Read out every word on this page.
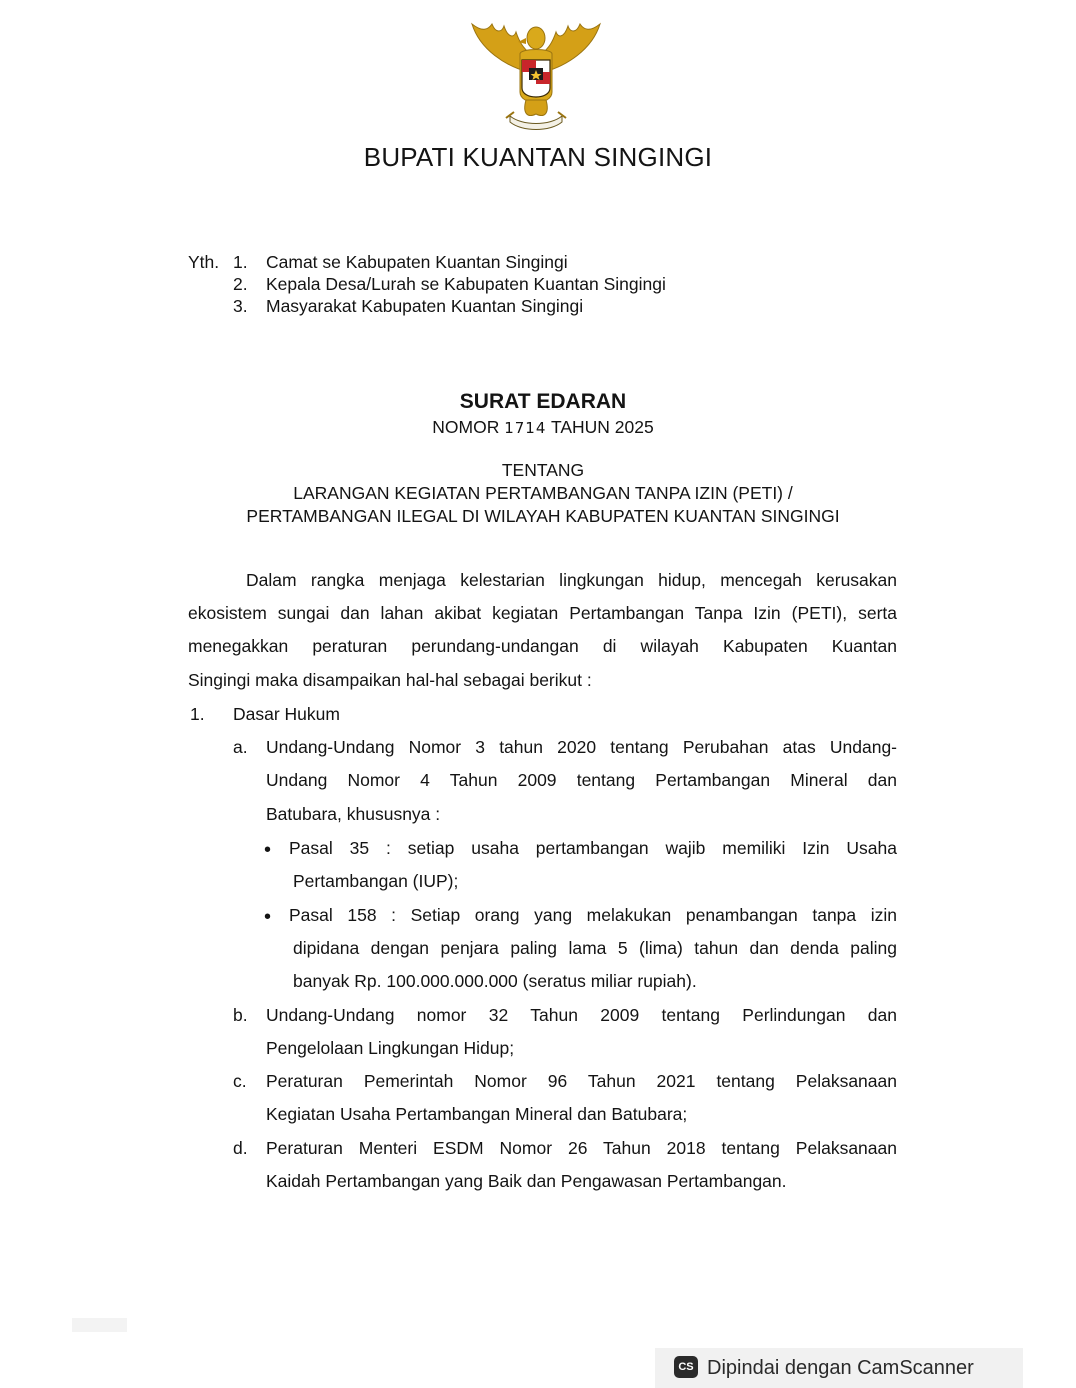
BUPATI KUANTAN SINGINGI
Yth. 1. Camat se Kabupaten Kuantan Singingi
2. Kepala Desa/Lurah se Kabupaten Kuantan Singingi
3. Masyarakat Kabupaten Kuantan Singingi
SURAT EDARAN
NOMOR 1714 TAHUN 2025
TENTANG
LARANGAN KEGIATAN PERTAMBANGAN TANPA IZIN (PETI) /
PERTAMBANGAN ILEGAL DI WILAYAH KABUPATEN KUANTAN SINGINGI
Dalam rangka menjaga kelestarian lingkungan hidup, mencegah kerusakan
ekosistem sungai dan lahan akibat kegiatan Pertambangan Tanpa Izin (PETI), serta
menegakkan peraturan perundang-undangan di wilayah Kabupaten Kuantan
Singingi maka disampaikan hal-hal sebagai berikut :
1. Dasar Hukum
a. Undang-Undang Nomor 3 tahun 2020 tentang Perubahan atas Undang-
Undang Nomor 4 Tahun 2009 tentang Pertambangan Mineral dan
Batubara, khususnya :
• Pasal 35 : setiap usaha pertambangan wajib memiliki Izin Usaha
Pertambangan (IUP);
• Pasal 158 : Setiap orang yang melakukan penambangan tanpa izin
dipidana dengan penjara paling lama 5 (lima) tahun dan denda paling
banyak Rp. 100.000.000.000 (seratus miliar rupiah).
b. Undang-Undang nomor 32 Tahun 2009 tentang Perlindungan dan
Pengelolaan Lingkungan Hidup;
c. Peraturan Pemerintah Nomor 96 Tahun 2021 tentang Pelaksanaan
Kegiatan Usaha Pertambangan Mineral dan Batubara;
d. Peraturan Menteri ESDM Nomor 26 Tahun 2018 tentang Pelaksanaan
Kaidah Pertambangan yang Baik dan Pengawasan Pertambangan.
CS Dipindai dengan CamScanner
